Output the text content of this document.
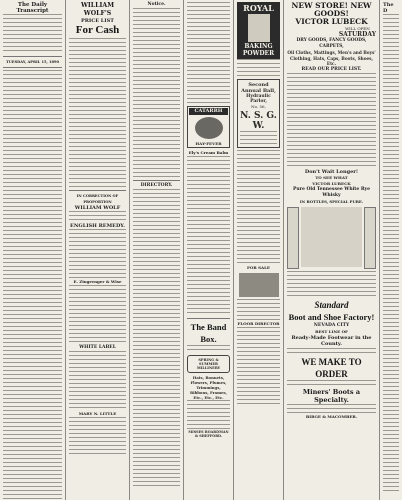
The Daily Transcript
TUESDAY, APRIL 15, 1890
WILLIAM WOLF'S
PRICE LIST
For Cash
IN CORRECTION OF PROPORTION
WILLIAM WOLF
ENGLISH REMEDY.
E. Zingrenger & Wise
WHITE LABEL
MARY N. LITTLE
Notice.
DIRECTORY.
CATARRH
HAY-FEVER
Ely's Cream Balm
The Band Box.
SPRING & SUMMER MILLINERY
Hats, Bonnets, Flowers, Plumes, Trimmings, Ribbons, Frames, Etc., Etc., Etc.
MISSES BOARDMAN & SHEFFORD.
ROYAL
BAKING
POWDER
Second Annual Ball,
Hydraulic Parlor,
No. 56,
N. S. G. W.
FOR SALE
FLOOR DIRECTOR
NEW STORE! NEW GOODS!
VICTOR LUBECK
WILL OPEN
SATURDAY
DRY GOODS, FANCY GOODS, CARPETS,
Oil Cloths, Mattings, Men's and Boys' Clothing, Hats, Caps, Boots, Shoes, Etc.
READ OUR PRICE LIST.
Don't Wait Longer!
TO SEE WHAT
VICTOR LUBECK
Pure Old Tennessee White Rye Whisky
IN BOTTLES, SPECIAL PURE.
Standard
Boot and Shoe Factory!
NEVADA CITY
BEST LINE OF
Ready-Made Footwear in the County.
WE MAKE TO ORDER
Miners' Boots a Specialty.
BIRGE & MACOMBER.
The D
